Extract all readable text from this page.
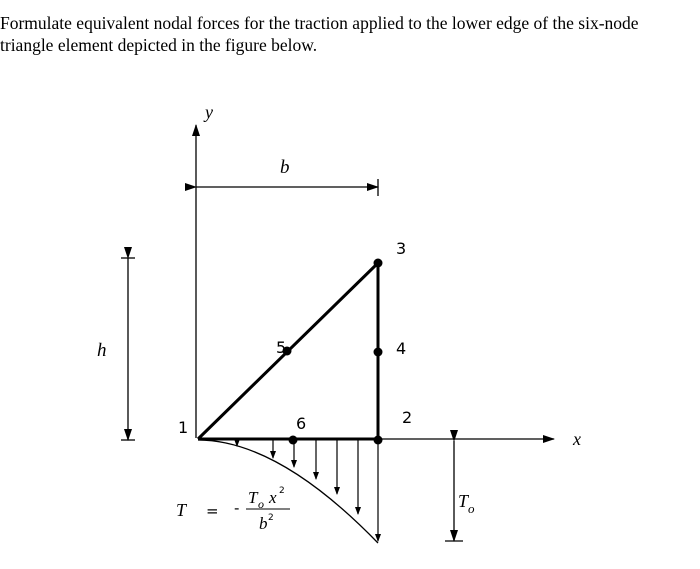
Formulate equivalent nodal forces for the traction applied to the lower edge of the six-node
triangle element depicted in the figure below.
y
x
b
h
1
2
3
4
5
6
T o
T = -
T o x 2
b 2
